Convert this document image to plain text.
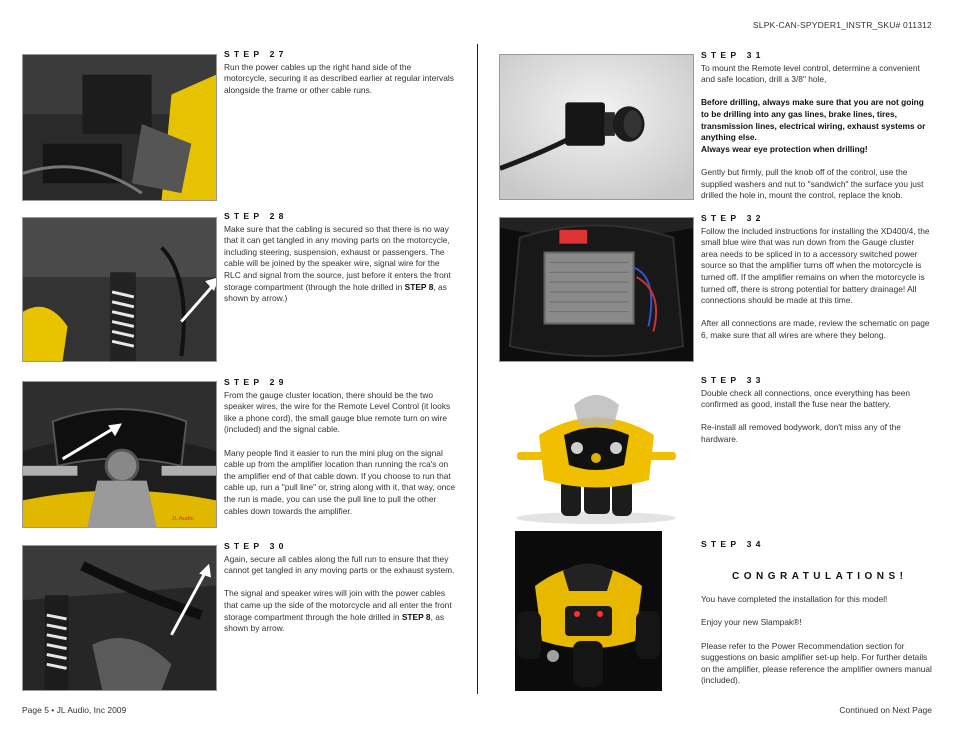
SLPK-CAN-SPYDER1_INSTR_SKU# 011312
Page 5 • JL Audio, Inc 2009	Continued on Next Page
STEP 27

Run the power cables up the right hand side of the motorcycle, securing it as described earlier at regular intervals alongside the frame or other cable runs.

STEP 28

Make sure that the cabling is secured so that there is no way that it can get tangled in any moving parts on the motorcycle, including steering, suspension, exhaust or passengers. The cable will be joined by the speaker wire, signal wire for the RLC and signal from the source, just before it enters the front storage compartment (through the hole drilled in STEP 8, as shown by arrow.)

JL Audio
STEP 29

From the gauge cluster location, there should be the two speaker wires, the wire for the Remote Level Control (it looks like a phone cord), the small gauge blue remote turn on wire (included) and the signal cable.

Many people find it easier to run the mini plug on the signal cable up from the amplifier location than running the rca's on the amplifier end of that cable down. If you choose to run that cable up, run a "pull line" or, string along with it, that way, once the run is made, you can use the pull line to pull the other cables down towards the amplifier.

STEP 30

Again, secure all cables along the full run to ensure that they cannot get tangled in any moving parts or the exhaust system.

The signal and speaker wires will join with the power cables that came up the side of the motorcycle and all enter the front storage compartment through the hole drilled in STEP 8, as shown by arrow.

STEP 31

To mount the Remote level control, determine a convenient and safe location, drill a 3/8" hole,

Before drilling, always make sure that you are not going to be drilling into any gas lines, brake lines, tires, transmission lines, electrical wiring, exhaust systems or anything else.

Always wear eye protection when drilling!

Gently but firmly, pull the knob off of the control, use the supplied washers and nut to "sandwich" the surface you just drilled the hole in, mount the control, replace the knob.

STEP 32

Follow the included instructions for installing the XD400/4, the small blue wire that was run down from the Gauge cluster area needs to be spliced in to a accessory switched power source so that the amplifier turns off when the motorcycle is turned off. If the amplifier remains on when the motorcycle is turned off, there is strong potential for battery drainage! All connections should be made at this time.

After all connections are made, review the schematic on page 6, make sure that all wires are where they belong.

STEP 33

Double check all connections, once everything has been confirmed as good, install the fuse near the battery.

Re-install all removed bodywork, don't miss any of the hardware.

STEP 34
CONGRATULATIONS!

You have completed the installation for this model!

Enjoy your new Slampak®!

Please refer to the Power Recommendation section for suggestions on basic amplifier set-up help. For further details on the amplifier, please reference the amplifier owners manual (included).
